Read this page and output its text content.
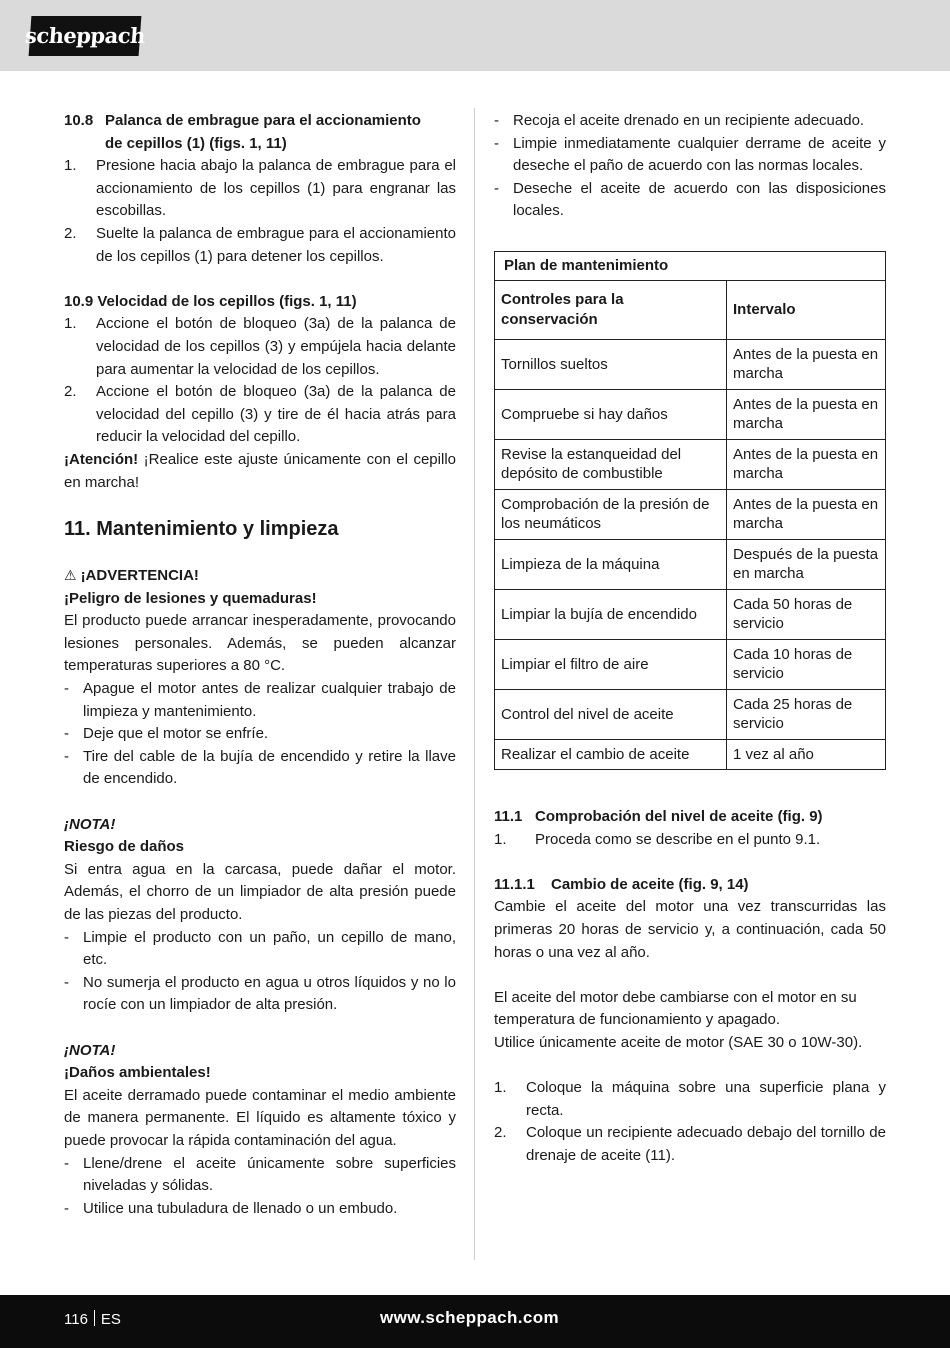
scheppach
10.8 Palanca de embrague para el accionamiento
de cepillos (1) (figs. 1, 11)
1.	Presione hacia abajo la palanca de embrague para el accionamiento de los cepillos (1) para engranar las escobillas.
2.	Suelte la palanca de embrague para el accionamiento de los cepillos (1) para detener los cepillos.
10.9 Velocidad de los cepillos (figs. 1, 11)
1.	Accione el botón de bloqueo (3a) de la palanca de velocidad de los cepillos (3) y empújela hacia delante para aumentar la velocidad de los cepillos.
2.	Accione el botón de bloqueo (3a) de la palanca de velocidad del cepillo (3) y tire de él hacia atrás para reducir la velocidad del cepillo.

¡Atención! ¡Realice este ajuste únicamente con el cepillo en marcha!

11. Mantenimiento y limpieza
⚠ ¡ADVERTENCIA!
¡Peligro de lesiones y quemaduras!

El producto puede arrancar inesperadamente, provocando lesiones personales. Además, se pueden alcanzar temperaturas superiores a 80 °C.

- Apague el motor antes de realizar cualquier trabajo de limpieza y mantenimiento.
- Deje que el motor se enfríe.
- Tire del cable de la bujía de encendido y retire la llave de encendido.
¡NOTA!
Riesgo de daños

Si entra agua en la carcasa, puede dañar el motor. Además, el chorro de un limpiador de alta presión puede de las piezas del producto.

- Limpie el producto con un paño, un cepillo de mano, etc.
- No sumerja el producto en agua u otros líquidos y no lo rocíe con un limpiador de alta presión.
¡NOTA!
¡Daños ambientales!

El aceite derramado puede contaminar el medio ambiente de manera permanente. El líquido es altamente tóxico y puede provocar la rápida contaminación del agua.

- Llene/drene el aceite únicamente sobre superficies niveladas y sólidas.
- Utilice una tubuladura de llenado o un embudo.
- Recoja el aceite drenado en un recipiente adecuado.
- Limpie inmediatamente cualquier derrame de aceite y deseche el paño de acuerdo con las normas locales.
- Deseche el aceite de acuerdo con las disposiciones locales.
Plan de mantenimiento	
Controles para la conservación	Intervalo
Tornillos sueltos	Antes de la puesta en marcha
Compruebe si hay daños	Antes de la puesta en marcha
Revise la estanqueidad del depósito de combustible	Antes de la puesta en marcha
Comprobación de la presión de los neumáticos	Antes de la puesta en marcha
Limpieza de la máquina	Después de la puesta en marcha
Limpiar la bujía de encendido	Cada 50 horas de servicio
Limpiar el filtro de aire	Cada 10 horas de servicio
Control del nivel de aceite	Cada 25 horas de servicio
Realizar el cambio de aceite	1 vez al año
11.1 Comprobación del nivel de aceite (fig. 9)
1.	Proceda como se describe en el punto 9.1.
11.1.1	Cambio de aceite (fig. 9, 14)

Cambie el aceite del motor una vez transcurridas las primeras 20 horas de servicio y, a continuación, cada 50 horas o una vez al año.

El aceite del motor debe cambiarse con el motor en su temperatura de funcionamiento y apagado.

Utilice únicamente aceite de motor (SAE 30 o 10W-30).

1.	Coloque la máquina sobre una superficie plana y recta.
2.	Coloque un recipiente adecuado debajo del tornillo de drenaje de aceite (11).
116 ES	www.scheppach.com
